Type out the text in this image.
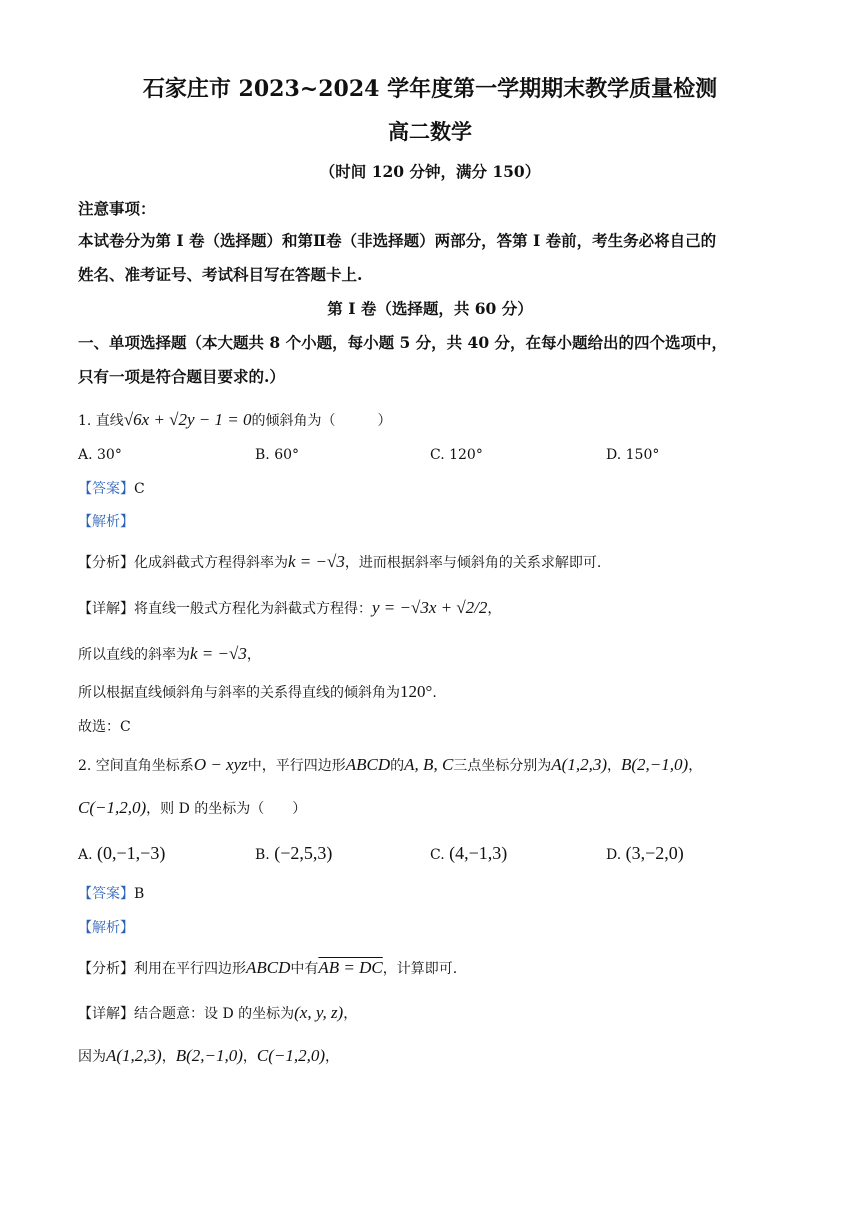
石家庄市 2023~2024 学年度第一学期期末教学质量检测
高二数学
（时间 120 分钟，满分 150）
注意事项：
本试卷分为第 I 卷（选择题）和第Ⅱ卷（非选择题）两部分，答第 I 卷前，考生务必将自己的
姓名、准考证号、考试科目写在答题卡上.
第 I 卷（选择题，共 60 分）
一、单项选择题（本大题共 8 个小题，每小题 5 分，共 40 分，在每小题给出的四个选项中，
只有一项是符合题目要求的.）
1. 直线√6x + √2y − 1 = 0的倾斜角为（　　　）
A. 30°	B. 60°	C. 120°	D. 150°
【答案】C
【解析】
【分析】化成斜截式方程得斜率为k = −√3，进而根据斜率与倾斜角的关系求解即可.
【详解】将直线一般式方程化为斜截式方程得：y = −√3x + √2/2，
所以直线的斜率为k = −√3，
所以根据直线倾斜角与斜率的关系得直线的倾斜角为120°.
故选：C
2. 空间直角坐标系O − xyz中，平行四边形ABCD的A, B, C三点坐标分别为A(1,2,3)，B(2,−1,0)，
C(−1,2,0)，则 D 的坐标为（　　）
A. (0,−1,−3)	B. (−2,5,3)	C. (4,−1,3)	D. (3,−2,0)
【答案】B
【解析】
【分析】利用在平行四边形ABCD中有AB = DC，计算即可.
【详解】结合题意：设 D 的坐标为(x, y, z)，
因为A(1,2,3)，B(2,−1,0)，C(−1,2,0)，
